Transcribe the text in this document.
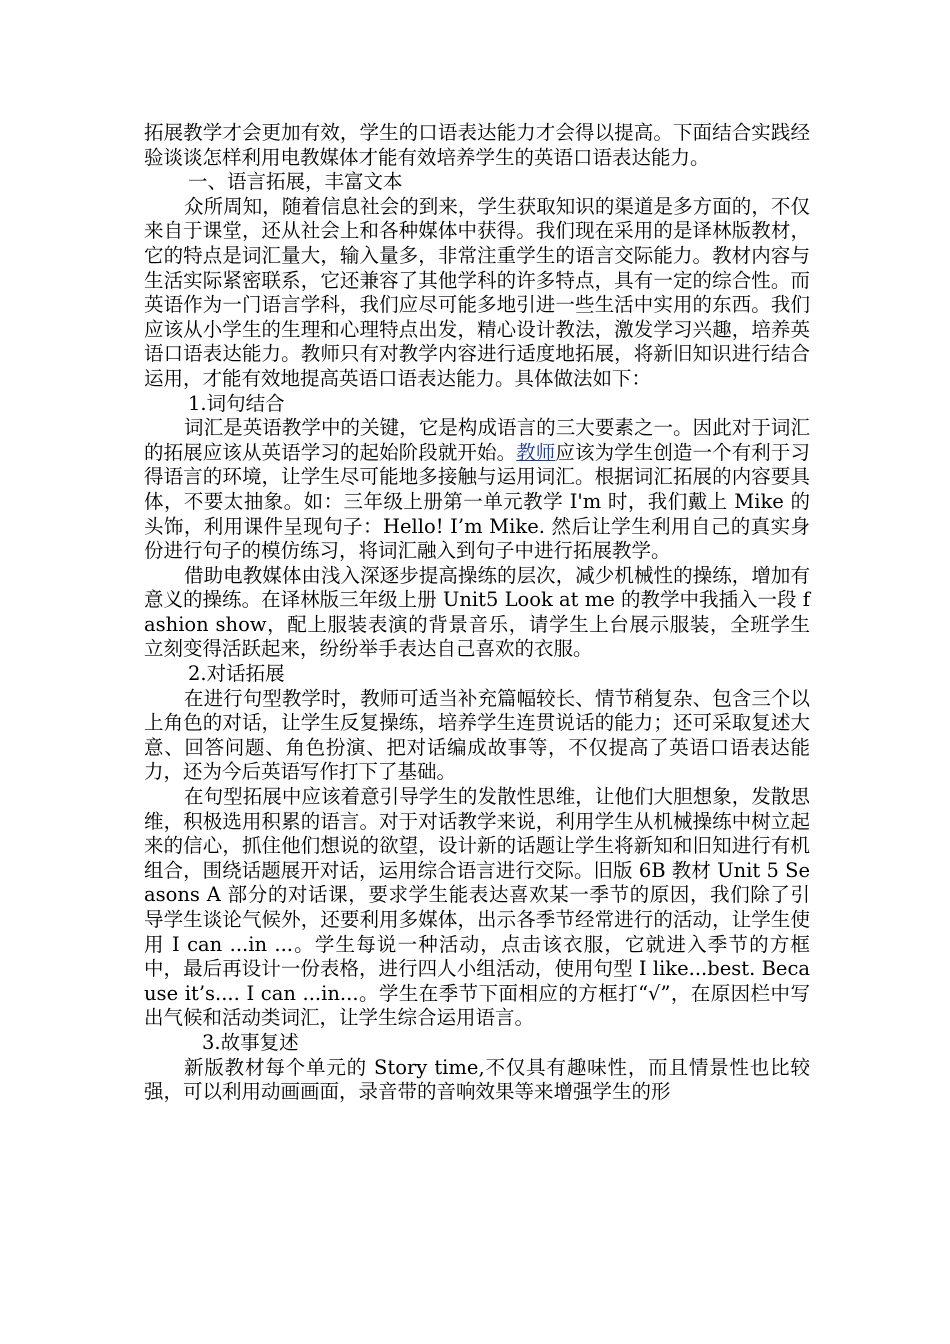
拓展教学才会更加有效，学生的口语表达能力才会得以提高。下面结合实践经验谈谈怎样利用电教媒体才能有效培养学生的英语口语表达能力。

一、语言拓展，丰富文本

众所周知，随着信息社会的到来，学生获取知识的渠道是多方面的，不仅来自于课堂，还从社会上和各种媒体中获得。我们现在采用的是译林版教材，它的特点是词汇量大，输入量多，非常注重学生的语言交际能力。教材内容与生活实际紧密联系，它还兼容了其他学科的许多特点，具有一定的综合性。而英语作为一门语言学科，我们应尽可能多地引进一些生活中实用的东西。我们应该从小学生的生理和心理特点出发，精心设计教法，激发学习兴趣，培养英语口语表达能力。教师只有对教学内容进行适度地拓展，将新旧知识进行结合运用，才能有效地提高英语口语表达能力。具体做法如下：

1.词句结合

词汇是英语教学中的关键，它是构成语言的三大要素之一。因此对于词汇的拓展应该从英语学习的起始阶段就开始。教师应该为学生创造一个有利于习得语言的环境，让学生尽可能地多接触与运用词汇。根据词汇拓展的内容要具体，不要太抽象。如：三年级上册第一单元教学 I'm 时，我们戴上 Mike 的头饰，利用课件呈现句子：Hello! I’m Mike. 然后让学生利用自己的真实身份进行句子的模仿练习，将词汇融入到句子中进行拓展教学。

借助电教媒体由浅入深逐步提高操练的层次，减少机械性的操练，增加有意义的操练。在译林版三年级上册 Unit5 Look at me 的教学中我插入一段 fashion show，配上服装表演的背景音乐，请学生上台展示服装，全班学生立刻变得活跃起来，纷纷举手表达自己喜欢的衣服。

2.对话拓展

在进行句型教学时，教师可适当补充篇幅较长、情节稍复杂、包含三个以上角色的对话，让学生反复操练，培养学生连贯说话的能力；还可采取复述大意、回答问题、角色扮演、把对话编成故事等，不仅提高了英语口语表达能力，还为今后英语写作打下了基础。

在句型拓展中应该着意引导学生的发散性思维，让他们大胆想象，发散思维，积极选用积累的语言。对于对话教学来说，利用学生从机械操练中树立起来的信心，抓住他们想说的欲望，设计新的话题让学生将新知和旧知进行有机组合，围绕话题展开对话，运用综合语言进行交际。旧版 6B 教材 Unit 5 Seasons A 部分的对话课，要求学生能表达喜欢某一季节的原因，我们除了引导学生谈论气候外，还要利用多媒体，出示各季节经常进行的活动，让学生使用 I can ...in ...。学生每说一种活动，点击该衣服，它就进入季节的方框中，最后再设计一份表格，进行四人小组活动，使用句型 I like...best. Because it’s.... I can ...in...。学生在季节下面相应的方框打“√”，在原因栏中写出气候和活动类词汇，让学生综合运用语言。

3.故事复述

新版教材每个单元的 Story time,不仅具有趣味性，而且情景性也比较强，可以利用动画画面，录音带的音响效果等来增强学生的形
